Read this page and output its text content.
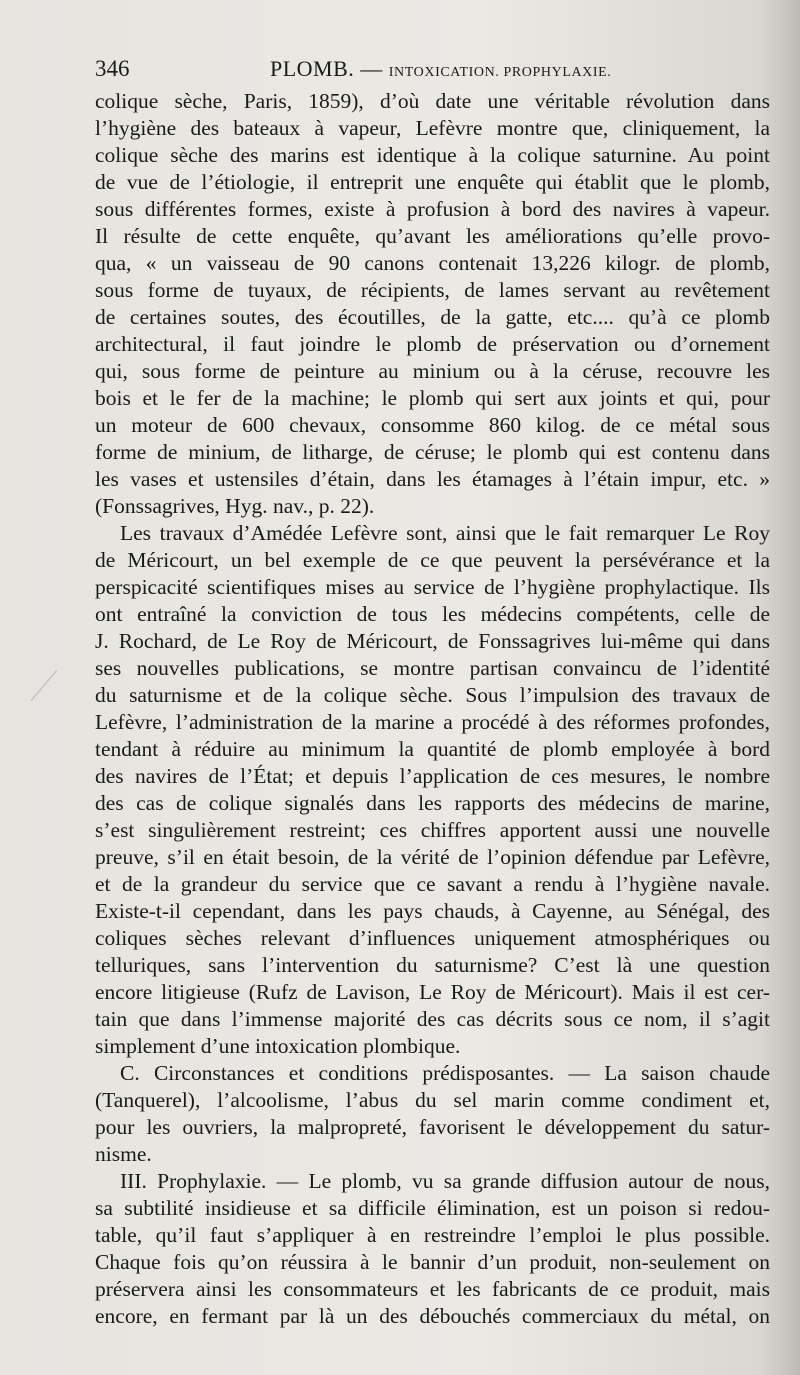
346	PLOMB. — INTOXICATION. PROPHYLAXIE.
colique sèche, Paris, 1859), d’où date une véritable révolution dans
l’hygiène des bateaux à vapeur, Lefèvre montre que, cliniquement, la
colique sèche des marins est identique à la colique saturnine. Au point
de vue de l’étiologie, il entreprit une enquête qui établit que le plomb,
sous différentes formes, existe à profusion à bord des navires à vapeur.
Il résulte de cette enquête, qu’avant les améliorations qu’elle provo-
qua, « un vaisseau de 90 canons contenait 13,226 kilogr. de plomb,
sous forme de tuyaux, de récipients, de lames servant au revêtement
de certaines soutes, des écoutilles, de la gatte, etc.... qu’à ce plomb
architectural, il faut joindre le plomb de préservation ou d’ornement
qui, sous forme de peinture au minium ou à la céruse, recouvre les
bois et le fer de la machine; le plomb qui sert aux joints et qui, pour
un moteur de 600 chevaux, consomme 860 kilog. de ce métal sous
forme de minium, de litharge, de céruse; le plomb qui est contenu dans
les vases et ustensiles d’étain, dans les étamages à l’étain impur, etc. »
(Fonssagrives, Hyg. nav., p. 22).
Les travaux d’Amédée Lefèvre sont, ainsi que le fait remarquer Le Roy
de Méricourt, un bel exemple de ce que peuvent la persévérance et la
perspicacité scientifiques mises au service de l’hygiène prophylactique. Ils
ont entraîné la conviction de tous les médecins compétents, celle de
J. Rochard, de Le Roy de Méricourt, de Fonssagrives lui-même qui dans
ses nouvelles publications, se montre partisan convaincu de l’identité
du saturnisme et de la colique sèche. Sous l’impulsion des travaux de
Lefèvre, l’administration de la marine a procédé à des réformes profondes,
tendant à réduire au minimum la quantité de plomb employée à bord
des navires de l’État; et depuis l’application de ces mesures, le nombre
des cas de colique signalés dans les rapports des médecins de marine,
s’est singulièrement restreint; ces chiffres apportent aussi une nouvelle
preuve, s’il en était besoin, de la vérité de l’opinion défendue par Lefèvre,
et de la grandeur du service que ce savant a rendu à l’hygiène navale.
Existe-t-il cependant, dans les pays chauds, à Cayenne, au Sénégal, des
coliques sèches relevant d’influences uniquement atmosphériques ou
telluriques, sans l’intervention du saturnisme? C’est là une question
encore litigieuse (Rufz de Lavison, Le Roy de Méricourt). Mais il est cer-
tain que dans l’immense majorité des cas décrits sous ce nom, il s’agit
simplement d’une intoxication plombique.
C. Circonstances et conditions prédisposantes. — La saison chaude
(Tanquerel), l’alcoolisme, l’abus du sel marin comme condiment et,
pour les ouvriers, la malpropreté, favorisent le développement du satur-
nisme.
III. Prophylaxie. — Le plomb, vu sa grande diffusion autour de nous,
sa subtilité insidieuse et sa difficile élimination, est un poison si redou-
table, qu’il faut s’appliquer à en restreindre l’emploi le plus possible.
Chaque fois qu’on réussira à le bannir d’un produit, non-seulement on
préservera ainsi les consommateurs et les fabricants de ce produit, mais
encore, en fermant par là un des débouchés commerciaux du métal, on
